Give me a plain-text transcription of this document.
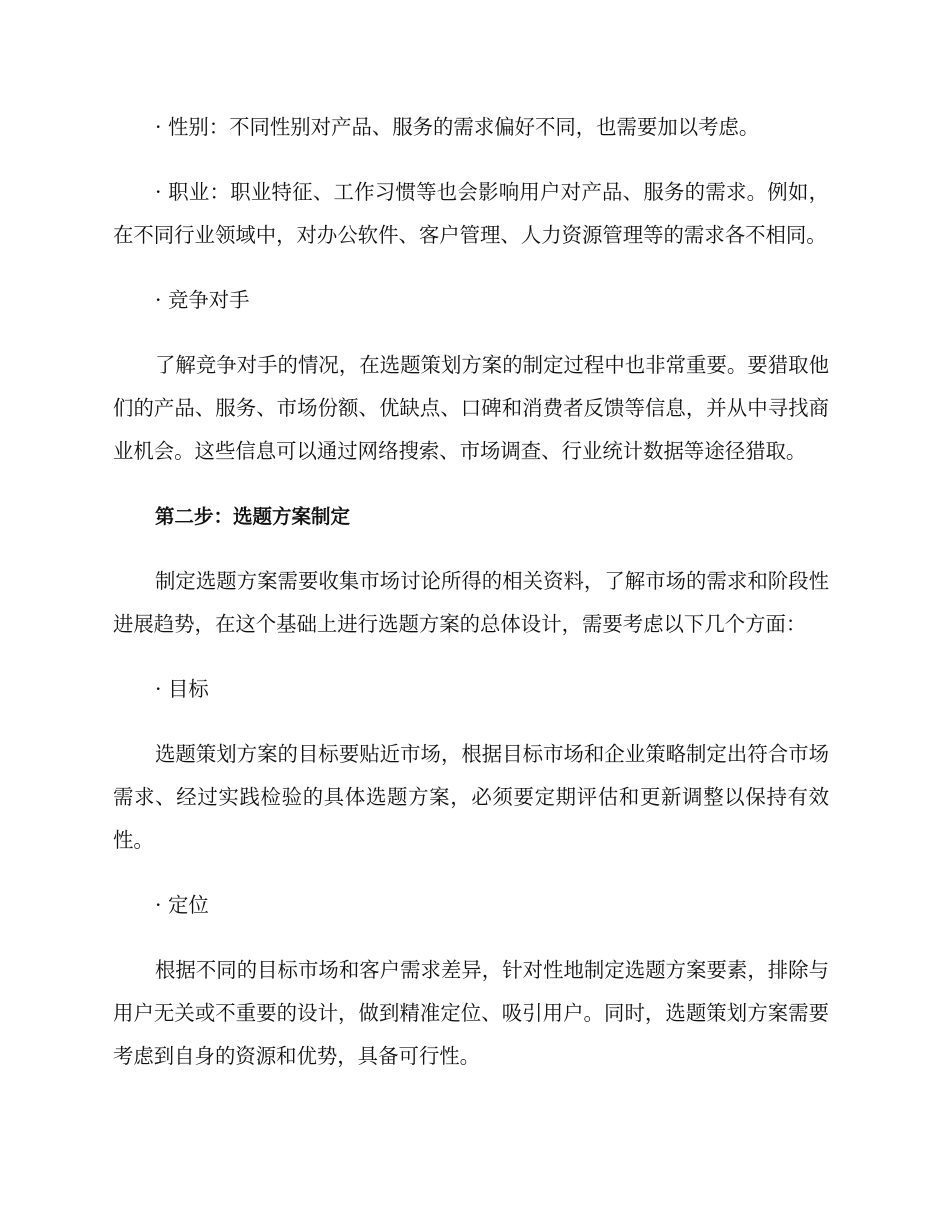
· 性别：不同性别对产品、服务的需求偏好不同，也需要加以考虑。

· 职业：职业特征、工作习惯等也会影响用户对产品、服务的需求。例如，在不同行业领域中，对办公软件、客户管理、人力资源管理等的需求各不相同。

· 竞争对手

了解竞争对手的情况，在选题策划方案的制定过程中也非常重要。要猎取他们的产品、服务、市场份额、优缺点、口碑和消费者反馈等信息，并从中寻找商业机会。这些信息可以通过网络搜索、市场调查、行业统计数据等途径猎取。

第二步：选题方案制定

制定选题方案需要收集市场讨论所得的相关资料，了解市场的需求和阶段性进展趋势，在这个基础上进行选题方案的总体设计，需要考虑以下几个方面：

· 目标

选题策划方案的目标要贴近市场，根据目标市场和企业策略制定出符合市场需求、经过实践检验的具体选题方案，必须要定期评估和更新调整以保持有效性。

· 定位

根据不同的目标市场和客户需求差异，针对性地制定选题方案要素，排除与用户无关或不重要的设计，做到精准定位、吸引用户。同时，选题策划方案需要考虑到自身的资源和优势，具备可行性。
